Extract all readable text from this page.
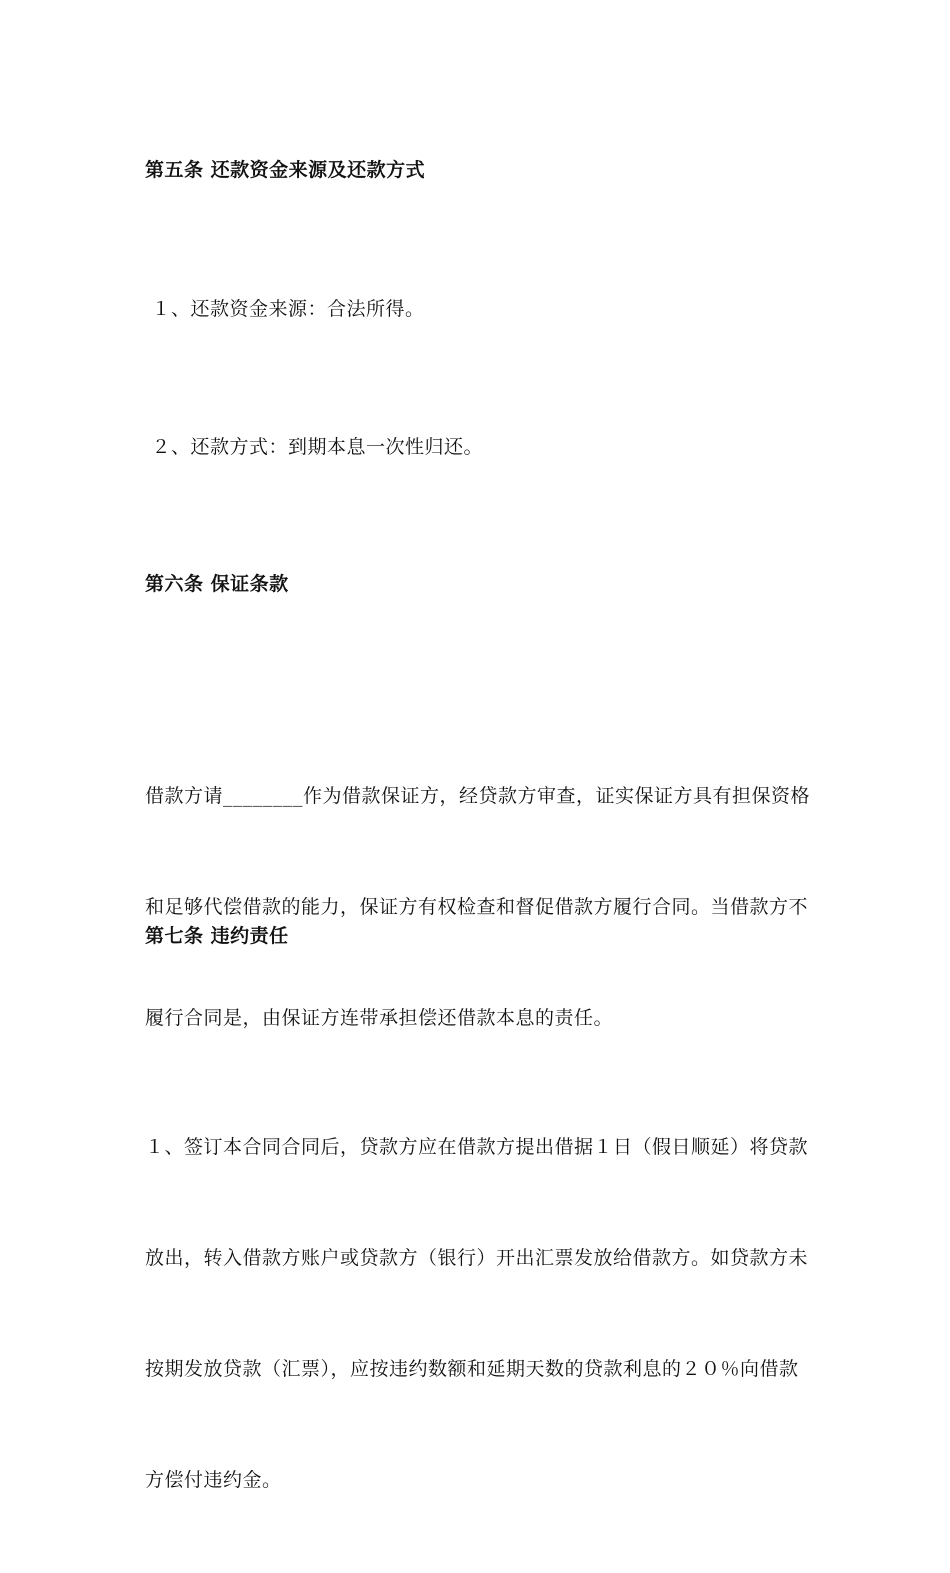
第五条 还款资金来源及还款方式

１、还款资金来源：合法所得。

２、还款方式：到期本息一次性归还。

第六条 保证条款

借款方请________作为借款保证方，经贷款方审查，证实保证方具有担保资格

和足够代偿借款的能力，保证方有权检查和督促借款方履行合同。当借款方不

履行合同是，由保证方连带承担偿还借款本息的责任。

第七条 违约责任

１、签订本合同合同后，贷款方应在借款方提出借据１日（假日顺延）将贷款

放出，转入借款方账户或贷款方（银行）开出汇票发放给借款方。如贷款方未

按期发放贷款（汇票），应按违约数额和延期天数的贷款利息的２０％向借款

方偿付违约金。
